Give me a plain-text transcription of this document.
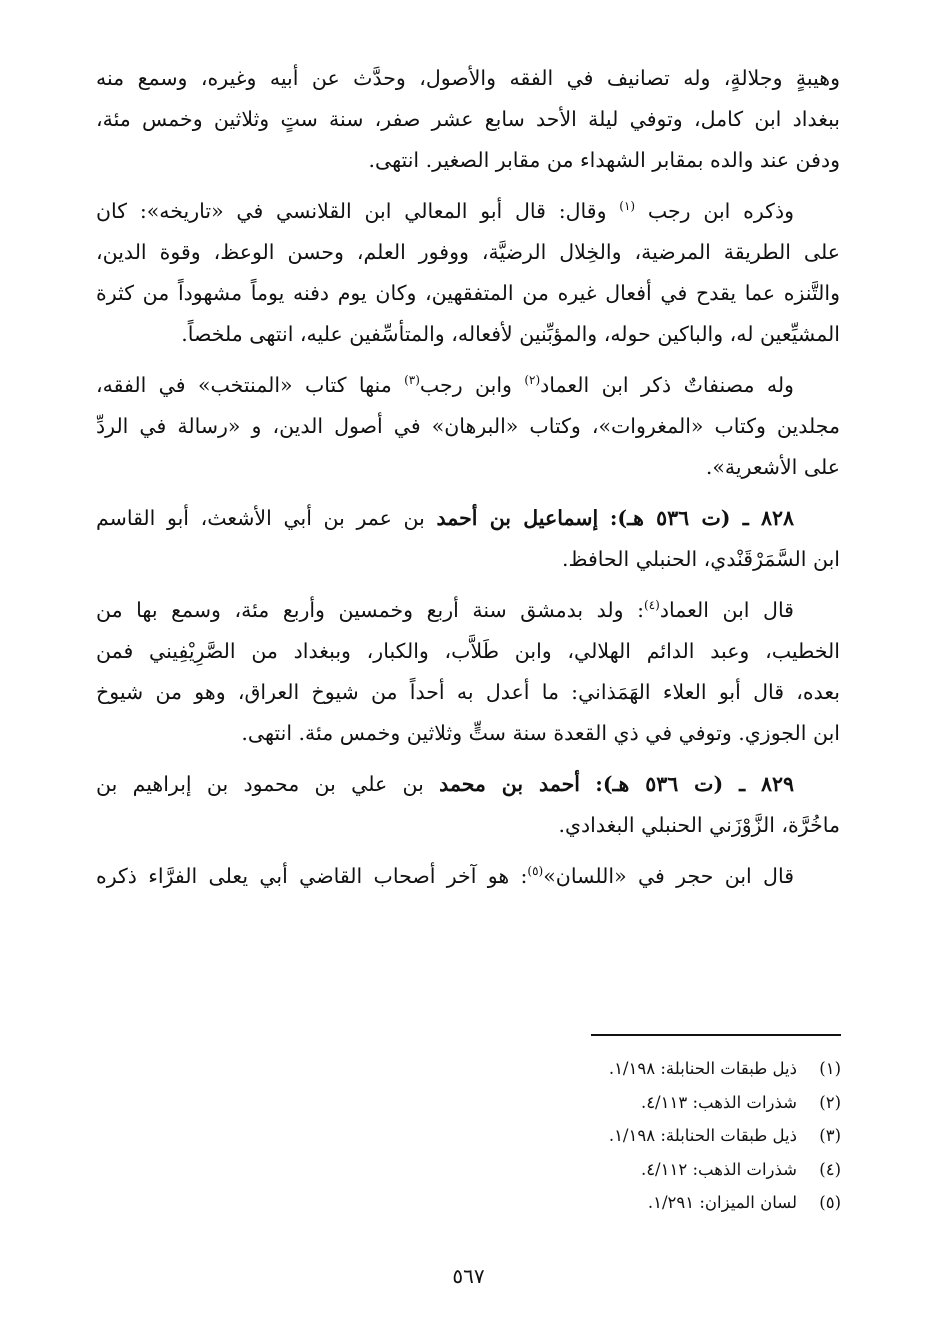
وهيبةٍ وجلالةٍ، وله تصانيف في الفقه والأصول، وحدَّث عن أبيه وغيره، وسمع منه
ببغداد ابن كامل، وتوفي ليلة الأحد سابع عشر صفر، سنة ستٍ وثلاثين وخمس مئة،
ودفن عند والده بمقابر الشهداء من مقابر الصغير. انتهى.

وذكره ابن رجب $^{(١)}$ وقال: قال أبو المعالي ابن القلانسي في «تاريخه»: كان
على الطريقة المرضية، والخِلال الرضيَّة، ووفور العلم، وحسن الوعظ، وقوة الدين،
والتَّنزه عما يقدح في أفعال غيره من المتفقهين، وكان يوم دفنه يوماً مشهوداً من كثرة
المشيِّعين له، والباكين حوله، والمؤبِّنين لأفعاله، والمتأسِّفين عليه، انتهى ملخصاً.

وله مصنفاتٌ ذكر ابن العماد$^{(٢)}$ وابن رجب$^{(٣)}$ منها كتاب «المنتخب» في الفقه،
مجلدين وكتاب «المغروات»، وكتاب «البرهان» في أصول الدين، و «رسالة في الردِّ
على الأشعرية».

٨٢٨ ـ (ت ٥٣٦ هـ): إسماعيل بن أحمد بن عمر بن أبي الأشعث، أبو القاسم
ابن السَّمَرْقَنْدي، الحنبلي الحافظ.

قال ابن العماد$^{(٤)}$: ولد بدمشق سنة أربع وخمسين وأربع مئة، وسمع بها من
الخطيب، وعبد الدائم الهلالي، وابن طَلاَّب، والكبار، وببغداد من الصَّرِيْفِيني فمن
بعده، قال أبو العلاء الهَمَذاني: ما أعدل به أحداً من شيوخ العراق، وهو من شيوخ
ابن الجوزي. وتوفي في ذي القعدة سنة ستٍّ وثلاثين وخمس مئة. انتهى.

٨٢٩ ـ (ت ٥٣٦ هـ): أحمد بن محمد بن علي بن محمود بن إبراهيم بن
ماخُرَّة، الزَّوْزَني الحنبلي البغدادي.

قال ابن حجر في «اللسان»$^{(٥)}$: هو آخر أصحاب القاضي أبي يعلى الفرَّاء ذكره

(١)ذيل طبقات الحنابلة: ١/١٩٨.
(٢)شذرات الذهب: ٤/١١٣.
(٣)ذيل طبقات الحنابلة: ١/١٩٨.
(٤)شذرات الذهب: ٤/١١٢.
(٥)لسان الميزان: ١/٢٩١.
٥٦٧
